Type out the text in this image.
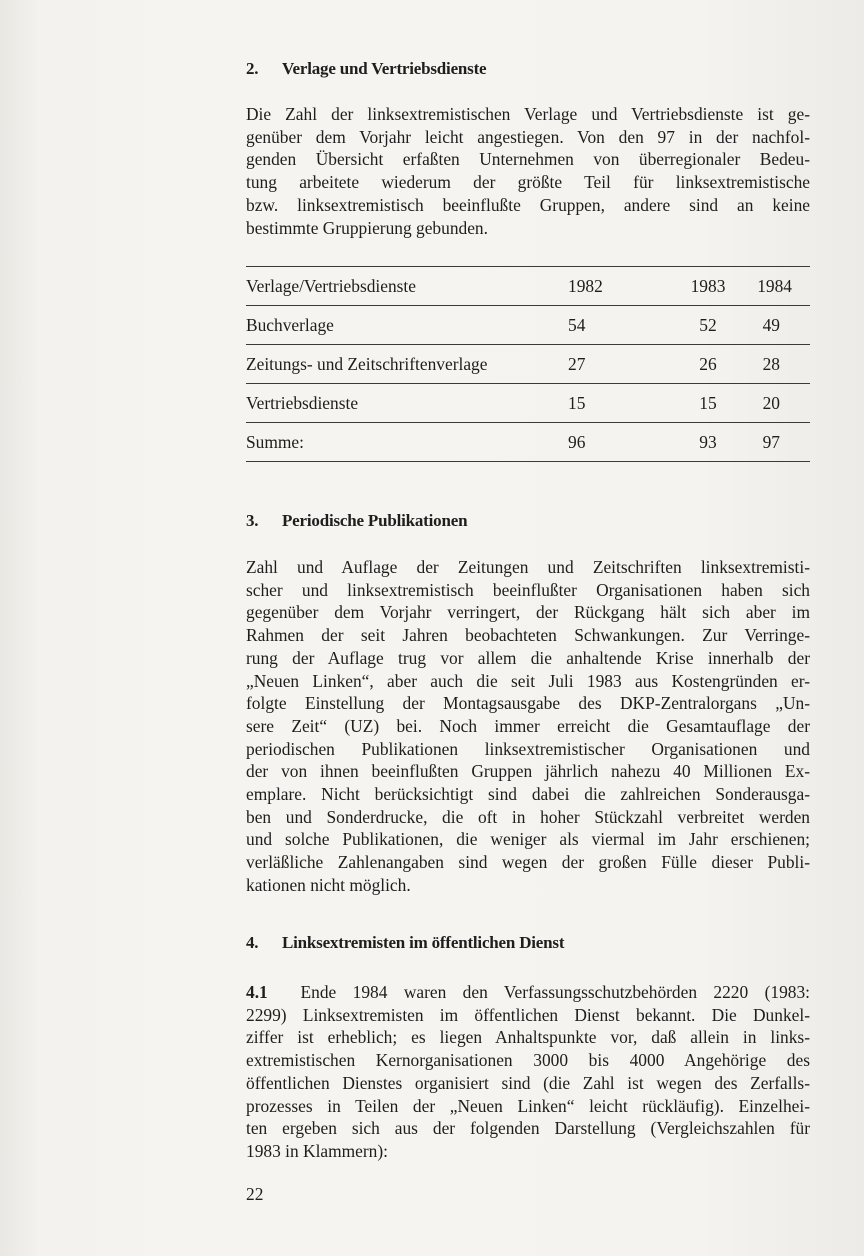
2. Verlage und Vertriebsdienste

Die Zahl der linksextremistischen Verlage und Vertriebsdienste ist ge-

genüber dem Vorjahr leicht angestiegen. Von den 97 in der nachfol-

genden Übersicht erfaßten Unternehmen von überregionaler Bedeu-

tung arbeitete wiederum der größte Teil für linksextremistische

bzw. linksextremistisch beeinflußte Gruppen, andere sind an keine

bestimmte Gruppierung gebunden.

Verlage/Vertriebsdienste	1982	1983	1984
Buchverlage	54	52	49
Zeitungs- und Zeitschriftenverlage	27	26	28
Vertriebsdienste	15	15	20
Summe:	96	93	97
3. Periodische Publikationen

Zahl und Auflage der Zeitungen und Zeitschriften linksextremisti-

scher und linksextremistisch beeinflußter Organisationen haben sich

gegenüber dem Vorjahr verringert, der Rückgang hält sich aber im

Rahmen der seit Jahren beobachteten Schwankungen. Zur Verringe-

rung der Auflage trug vor allem die anhaltende Krise innerhalb der

„Neuen Linken“, aber auch die seit Juli 1983 aus Kostengründen er-

folgte Einstellung der Montagsausgabe des DKP-Zentralorgans „Un-

sere Zeit“ (UZ) bei. Noch immer erreicht die Gesamtauflage der

periodischen Publikationen linksextremistischer Organisationen und

der von ihnen beeinflußten Gruppen jährlich nahezu 40 Millionen Ex-

emplare. Nicht berücksichtigt sind dabei die zahlreichen Sonderausga-

ben und Sonderdrucke, die oft in hoher Stückzahl verbreitet werden

und solche Publikationen, die weniger als viermal im Jahr erschienen;

verläßliche Zahlenangaben sind wegen der großen Fülle dieser Publi-

kationen nicht möglich.

4. Linksextremisten im öffentlichen Dienst

4.1 Ende 1984 waren den Verfassungsschutzbehörden 2220 (1983:

2299) Linksextremisten im öffentlichen Dienst bekannt. Die Dunkel-

ziffer ist erheblich; es liegen Anhaltspunkte vor, daß allein in links-

extremistischen Kernorganisationen 3000 bis 4000 Angehörige des

öffentlichen Dienstes organisiert sind (die Zahl ist wegen des Zerfalls-

prozesses in Teilen der „Neuen Linken“ leicht rückläufig). Einzelhei-

ten ergeben sich aus der folgenden Darstellung (Vergleichszahlen für

1983 in Klammern):

22
